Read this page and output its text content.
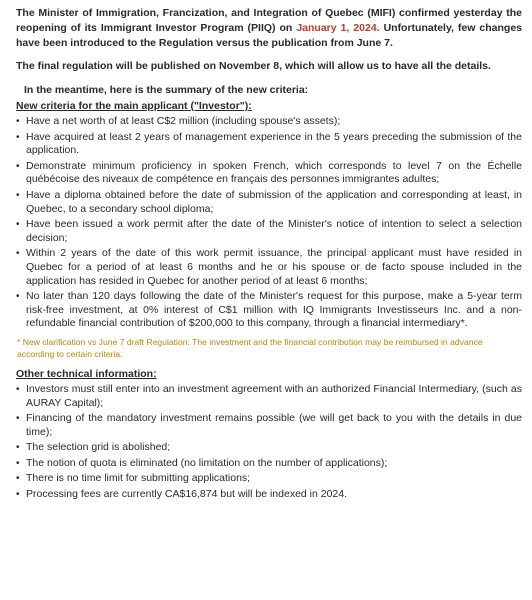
The Minister of Immigration, Francization, and Integration of Quebec (MIFI) confirmed yesterday the reopening of its Immigrant Investor Program (PIIQ) on January 1, 2024. Unfortunately, few changes have been introduced to the Regulation versus the publication from June 7.

The final regulation will be published on November 8, which will allow us to have all the details.

In the meantime, here is the summary of the new criteria:

New criteria for the main applicant ("Investor"):

• Have a net worth of at least C$2 million (including spouse's assets);
• Have acquired at least 2 years of management experience in the 5 years preceding the submission of the application.
• Demonstrate minimum proficiency in spoken French, which corresponds to level 7 on the Échelle québécoise des niveaux de compétence en français des personnes immigrantes adultes;
• Have a diploma obtained before the date of submission of the application and corresponding at least, in Quebec, to a secondary school diploma;
• Have been issued a work permit after the date of the Minister's notice of intention to select a selection decision;
• Within 2 years of the date of this work permit issuance, the principal applicant must have resided in Quebec for a period of at least 6 months and he or his spouse or de facto spouse included in the application has resided in Quebec for another period of at least 6 months;
• No later than 120 days following the date of the Minister's request for this purpose, make a 5-year term risk-free investment, at 0% interest of C$1 million with IQ Immigrants Investisseurs Inc. and a non-refundable financial contribution of $200,000 to this company, through a financial intermediary*.

* New clarification vs June 7 draft Regulation: The investment and the financial contribution may be reimbursed in advance according to certain criteria.

Other technical information:

• Investors must still enter into an investment agreement with an authorized Financial Intermediary, (such as AURAY Capital);
• Financing of the mandatory investment remains possible (we will get back to you with the details in due time);
• The selection grid is abolished;
• The notion of quota is eliminated (no limitation on the number of applications);
• There is no time limit for submitting applications;
• Processing fees are currently CA$16,874 but will be indexed in 2024.
